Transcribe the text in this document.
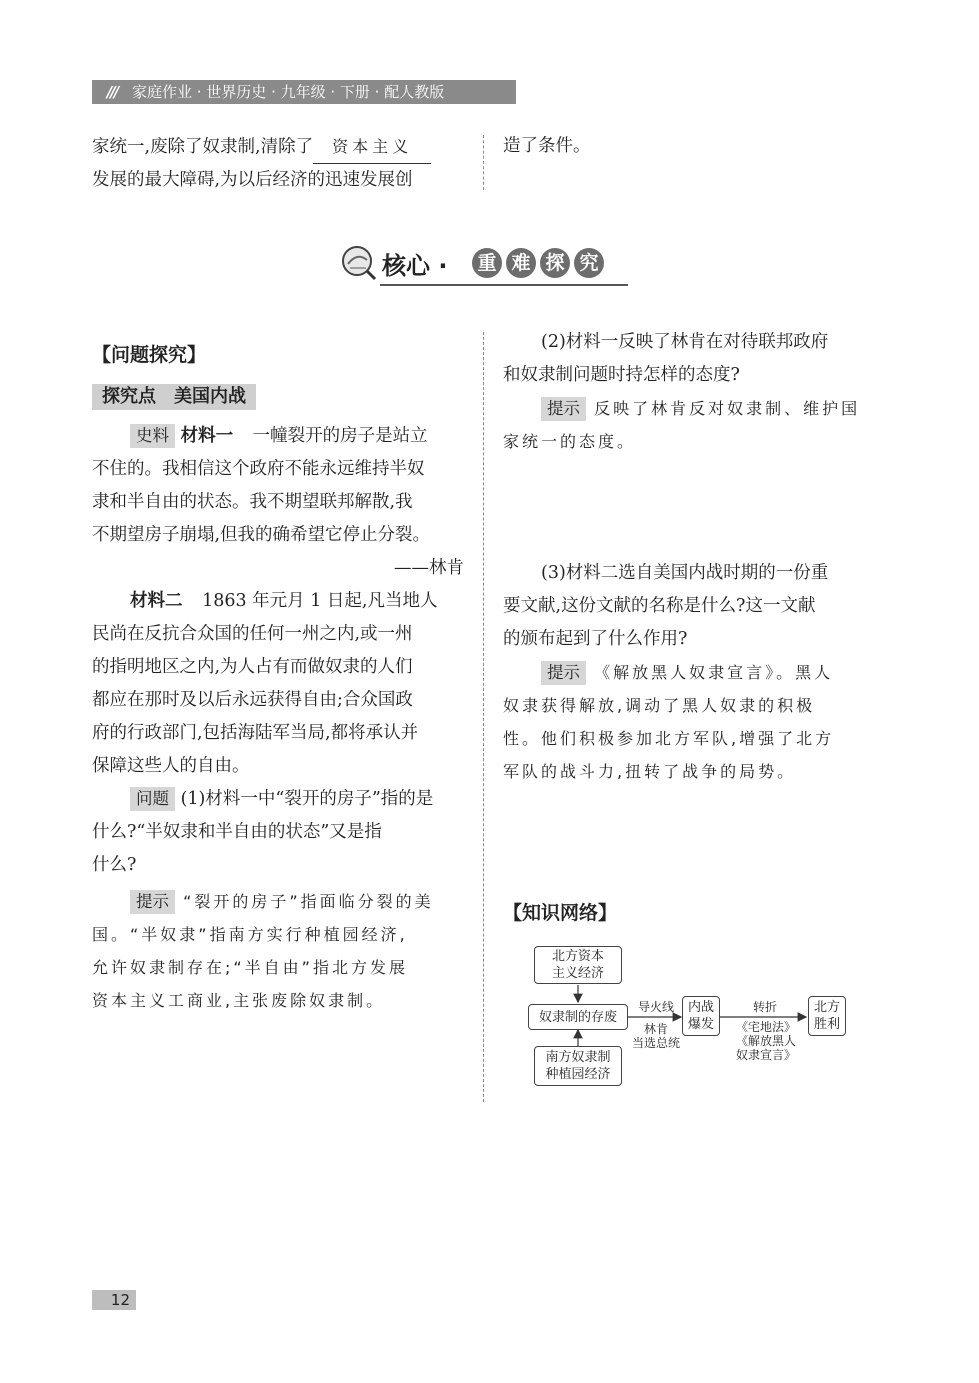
/// 家庭作业 · 世界历史 · 九年级 · 下册 · 配人教版
家统一,废除了奴隶制,清除了 资本主义
发展的最大障碍,为以后经济的迅速发展创
造了条件。
核心 · 重 难 探 究
【问题探究】
探究点　美国内战
史料 材料一 一幢裂开的房子是站立
不住的。我相信这个政府不能永远维持半奴
隶和半自由的状态。我不期望联邦解散,我
不期望房子崩塌,但我的确希望它停止分裂。
——林肯
材料二 1863 年元月 1 日起,凡当地人
民尚在反抗合众国的任何一州之内,或一州
的指明地区之内,为人占有而做奴隶的人们
都应在那时及以后永远获得自由;合众国政
府的行政部门,包括海陆军当局,都将承认并
保障这些人的自由。
问题 (1)材料一中“裂开的房子”指的是
什么?“半奴隶和半自由的状态”又是指
什么?
提示 “裂开的房子”指面临分裂的美
国。“半奴隶”指南方实行种植园经济,
允许奴隶制存在;“半自由”指北方发展
资本主义工商业,主张废除奴隶制。
(2)材料一反映了林肯在对待联邦政府
和奴隶制问题时持怎样的态度?
提示 反映了林肯反对奴隶制、维护国
家统一的态度。
(3)材料二选自美国内战时期的一份重
要文献,这份文献的名称是什么?这一文献
的颁布起到了什么作用?
提示 《解放黑人奴隶宣言》。黑人
奴隶获得解放,调动了黑人奴隶的积极
性。他们积极参加北方军队,增强了北方
军队的战斗力,扭转了战争的局势。
【知识网络】
北方资本
主义经济
奴隶制的存废
南方奴隶制
种植园经济
导火线
林肯
当选总统
内战
爆发
转折
《宅地法》
《解放黑人
奴隶宣言》
北方
胜利
12
